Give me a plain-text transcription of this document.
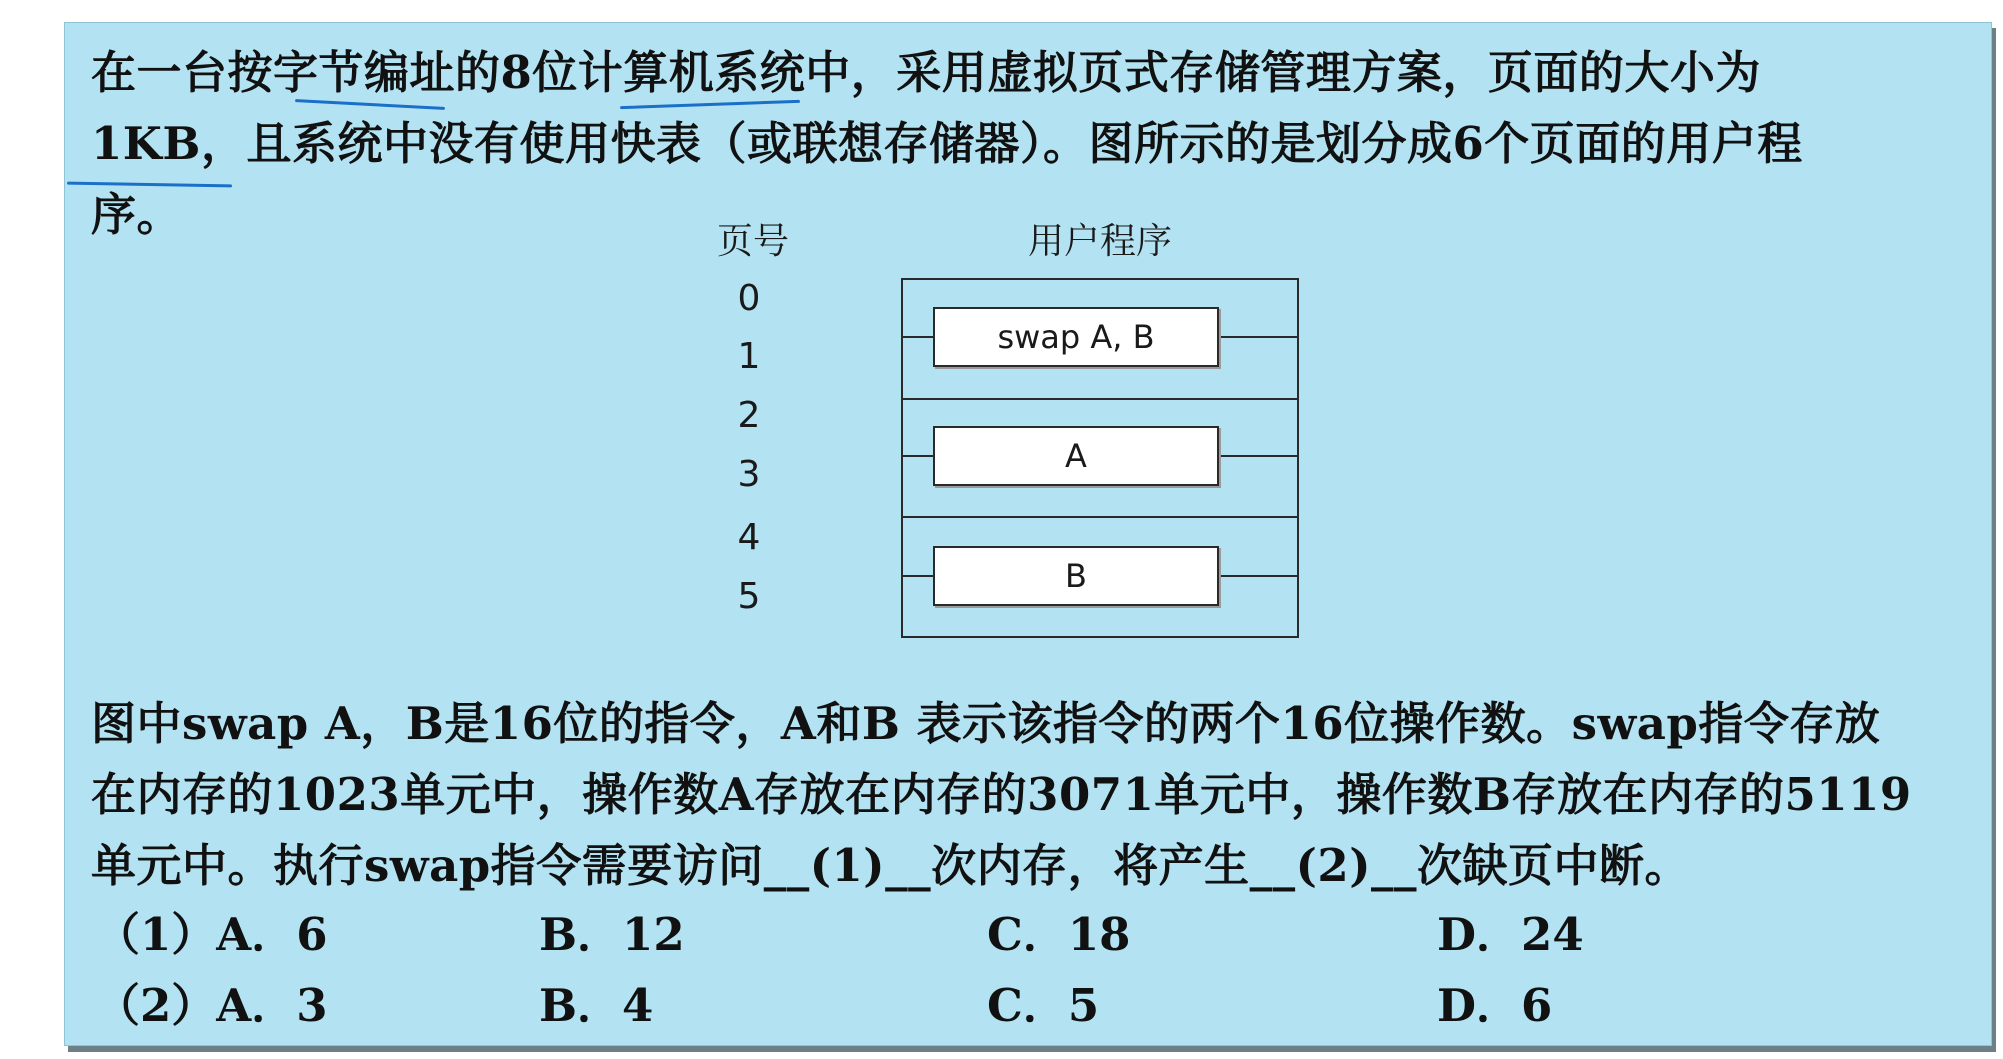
在一台按字节编址的8位计算机系统中，采用虚拟页式存储管理方案，页面的大小为
1KB，且系统中没有使用快表（或联想存储器）。图所示的是划分成6个页面的用户程
序。
页号	用户程序
0
1
2
3
4
5
swap A, B
A
B
图中swap A，B是16位的指令，A和B 表示该指令的两个16位操作数。swap指令存放
在内存的1023单元中，操作数A存放在内存的3071单元中，操作数B存放在内存的5119
单元中。执行swap指令需要访问__(1)__次内存，将产生__(2)__次缺页中断。
（1）A．6	B．12	C．18	D．24
（2）A．3	B．4	C．5	D．6
